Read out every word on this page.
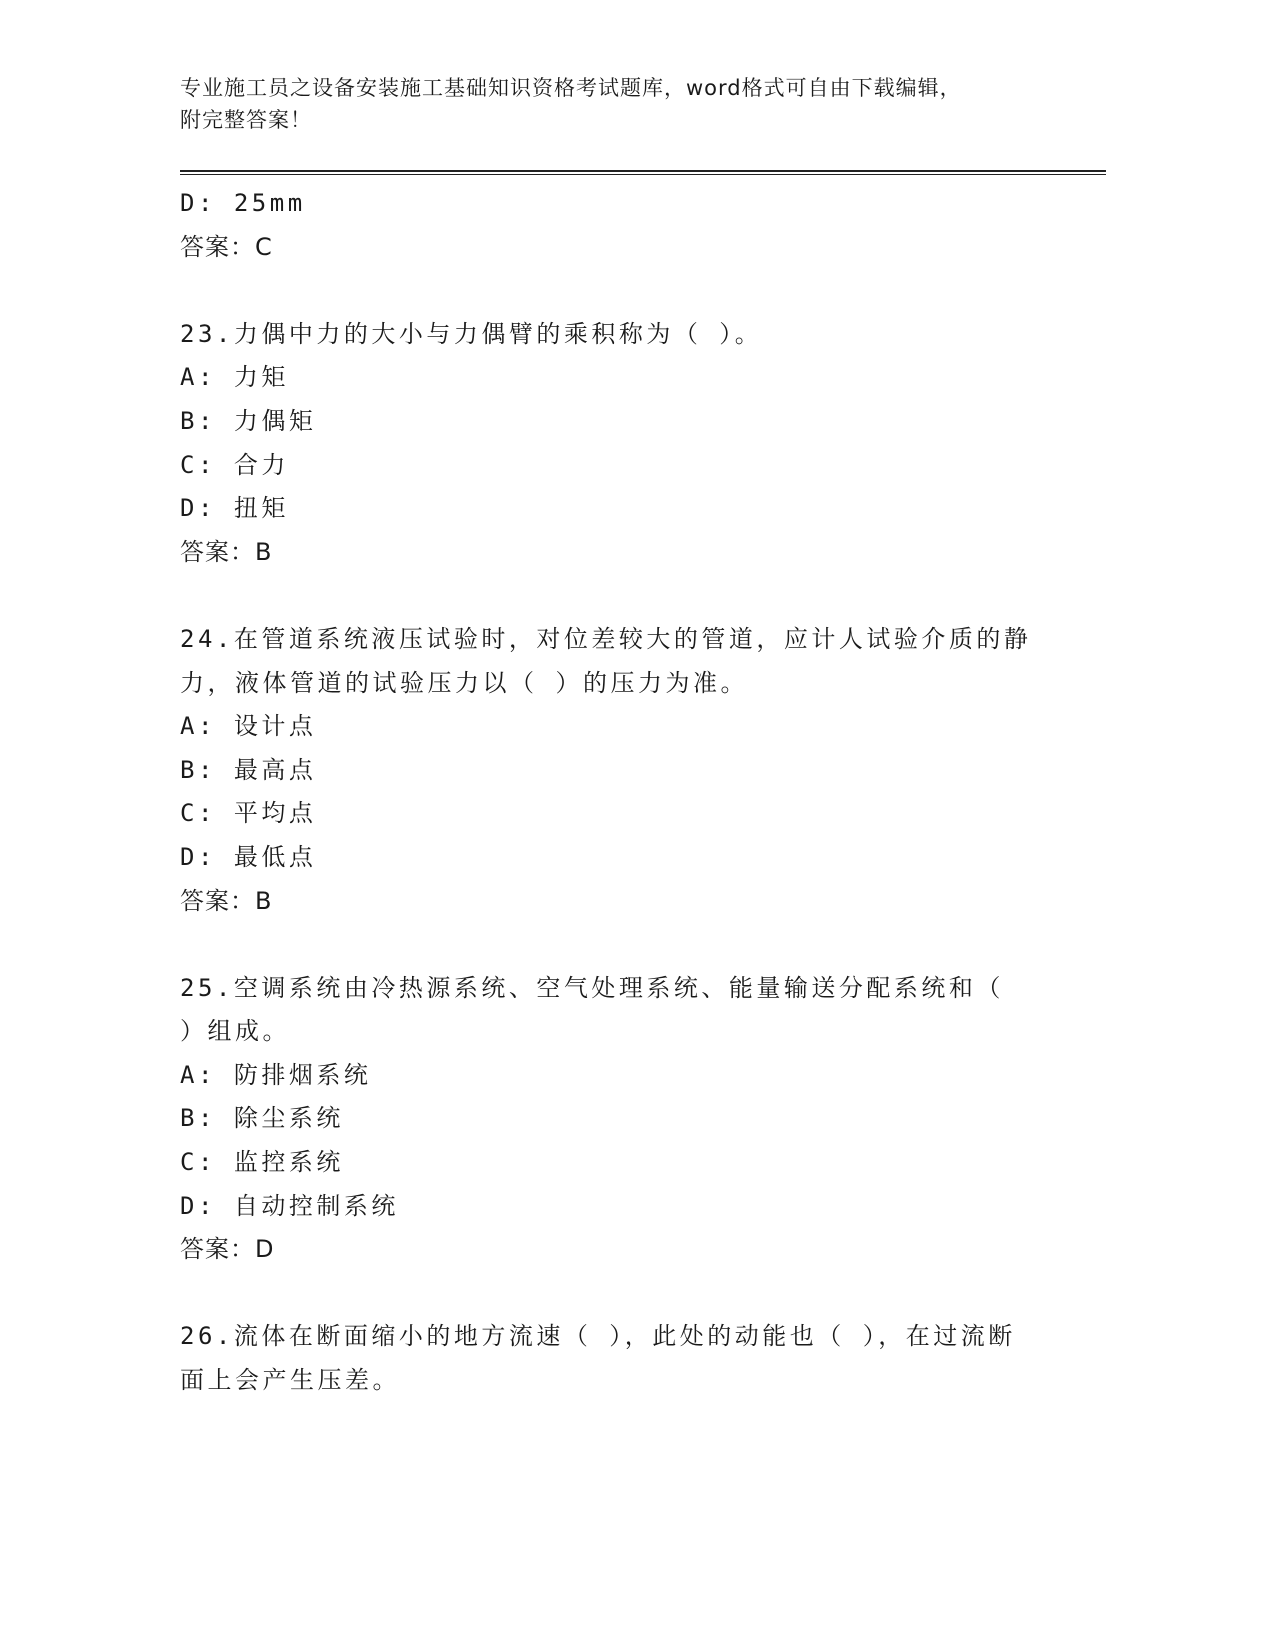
专业施工员之设备安装施工基础知识资格考试题库，word格式可自由下载编辑，
附完整答案！
D: 25mm
答案：C
23.力偶中力的大小与力偶臂的乘积称为（ ）。
A: 力矩
B: 力偶矩
C: 合力
D: 扭矩
答案：B
24.在管道系统液压试验时，对位差较大的管道，应计人试验介质的静
力，液体管道的试验压力以（ ）的压力为准。
A: 设计点
B: 最高点
C: 平均点
D: 最低点
答案：B
25.空调系统由冷热源系统、空气处理系统、能量输送分配系统和（
）组成。
A: 防排烟系统
B: 除尘系统
C: 监控系统
D: 自动控制系统
答案：D
26.流体在断面缩小的地方流速（ ），此处的动能也（ ），在过流断
面上会产生压差。
